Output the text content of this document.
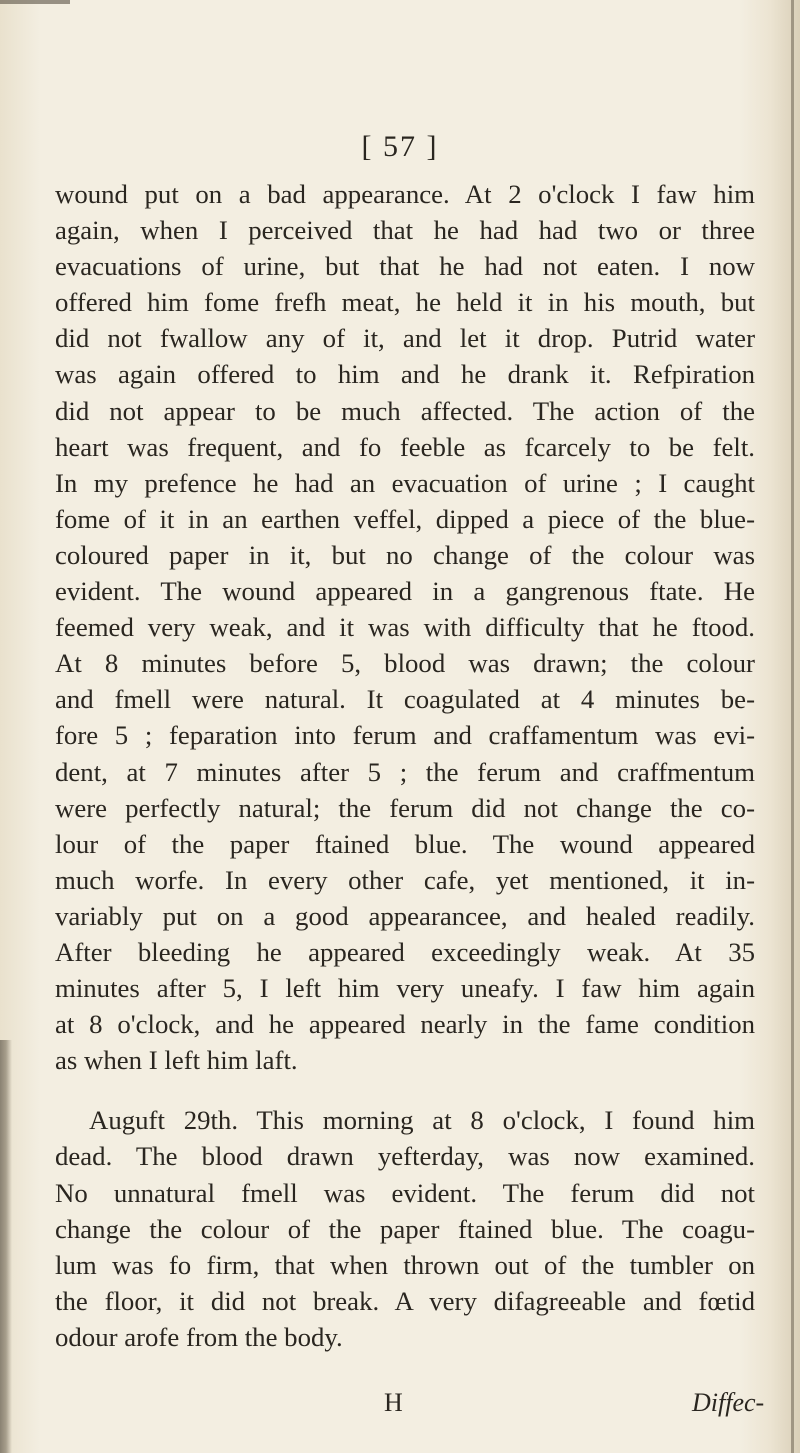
[ 57 ]
wound put on a bad appearance. At 2 o'clock I faw him
again, when I perceived that he had had two or three
evacuations of urine, but that he had not eaten. I now
offered him fome frefh meat, he held it in his mouth, but
did not fwallow any of it, and let it drop. Putrid water
was again offered to him and he drank it. Refpiration
did not appear to be much affected. The action of the
heart was frequent, and fo feeble as fcarcely to be felt.
In my prefence he had an evacuation of urine ; I caught
fome of it in an earthen veffel, dipped a piece of the blue-
coloured paper in it, but no change of the colour was
evident. The wound appeared in a gangrenous ftate. He
feemed very weak, and it was with difficulty that he ftood.
At 8 minutes before 5, blood was drawn; the colour
and fmell were natural. It coagulated at 4 minutes be-
fore 5 ; feparation into ferum and craffamentum was evi-
dent, at 7 minutes after 5 ; the ferum and craffmentum
were perfectly natural; the ferum did not change the co-
lour of the paper ftained blue. The wound appeared
much worfe. In every other cafe, yet mentioned, it in-
variably put on a good appearancee, and healed readily.
After bleeding he appeared exceedingly weak. At 35
minutes after 5, I left him very uneafy. I faw him again
at 8 o'clock, and he appeared nearly in the fame condition
as when I left him laft.
Auguft 29th. This morning at 8 o'clock, I found him
dead. The blood drawn yefterday, was now examined.
No unnatural fmell was evident. The ferum did not
change the colour of the paper ftained blue. The coagu-
lum was fo firm, that when thrown out of the tumbler on
the floor, it did not break. A very difagreeable and fœtid
odour arofe from the body.
H	Diffec-
